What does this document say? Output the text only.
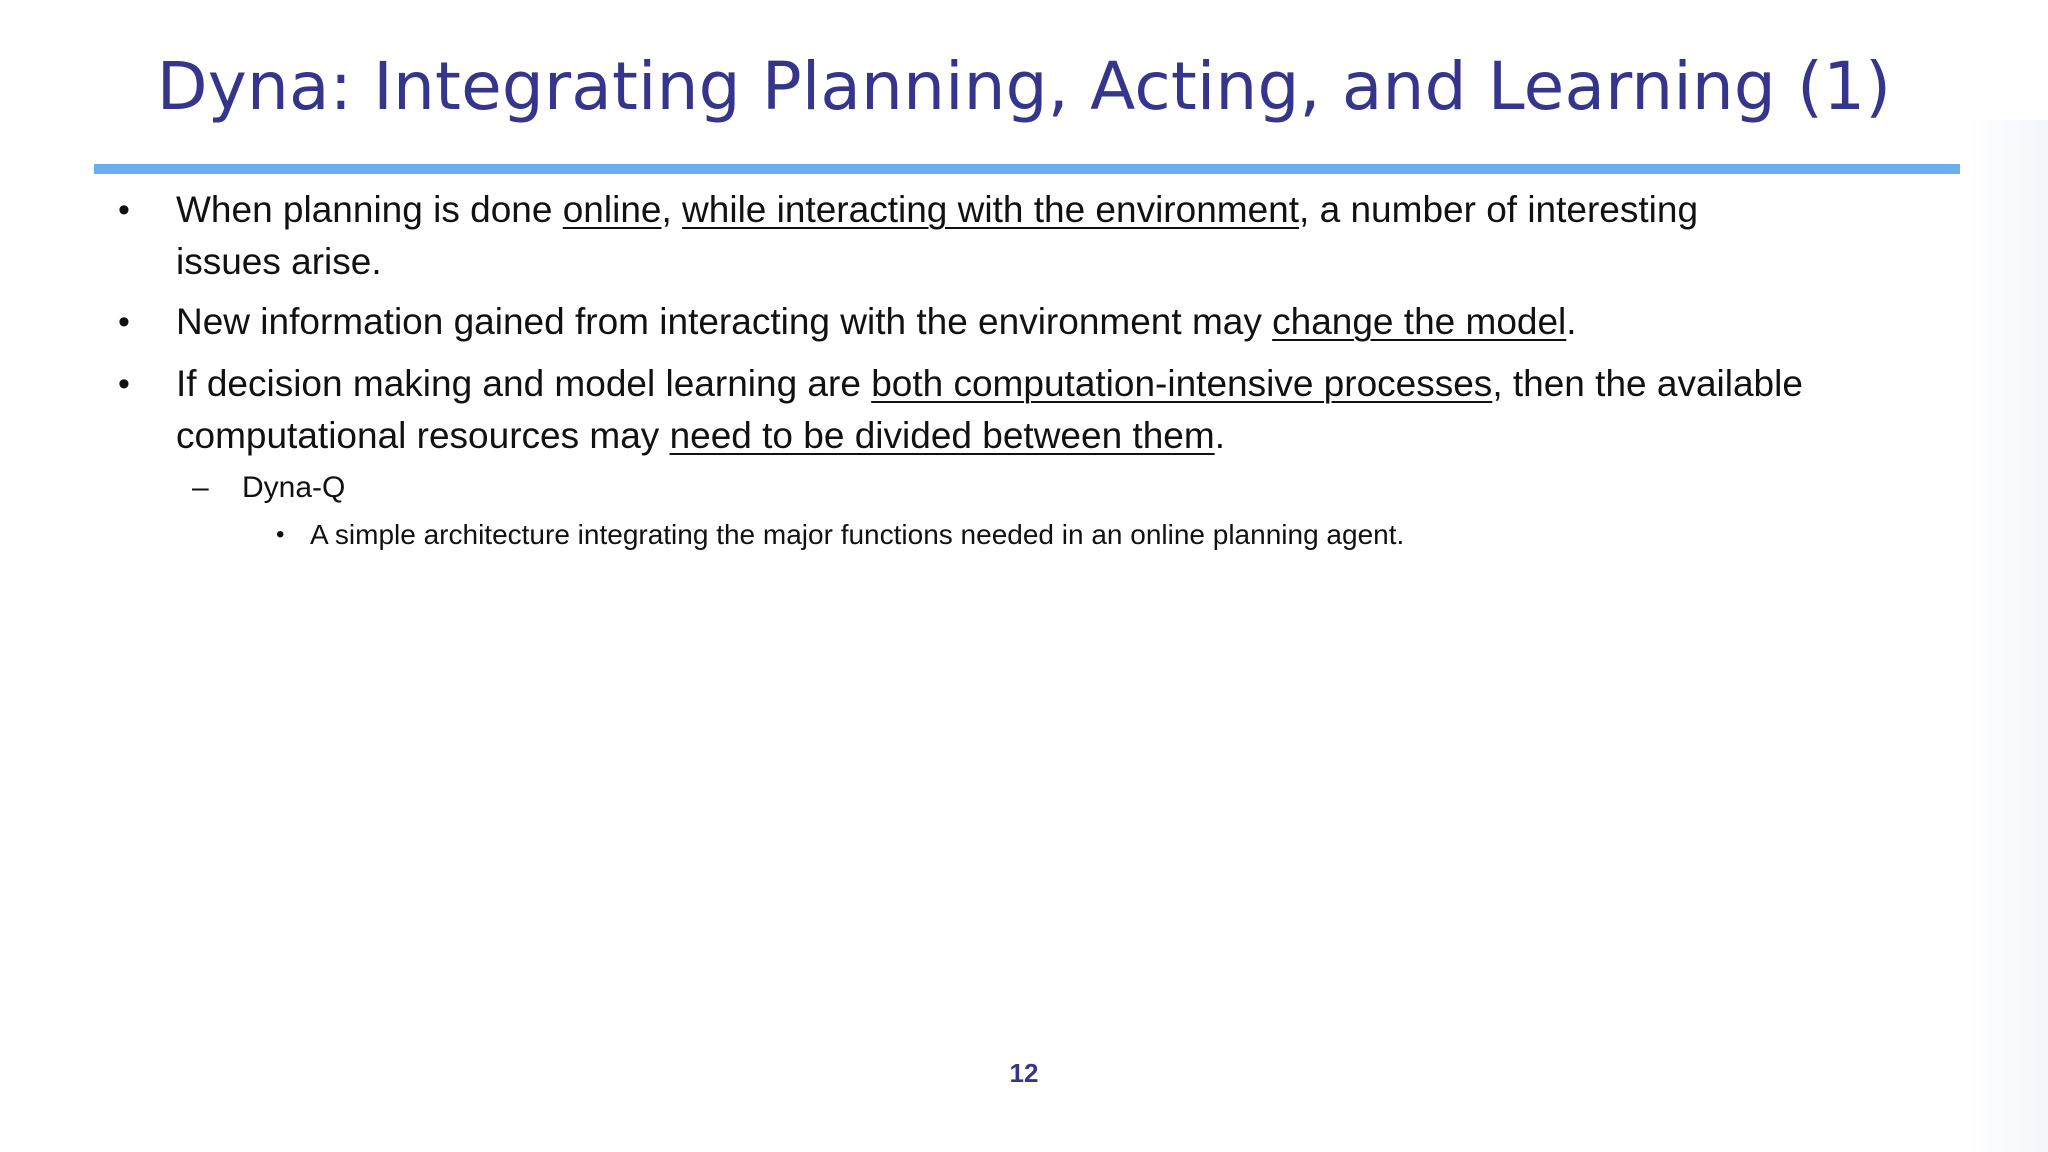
Dyna: Integrating Planning, Acting, and Learning (1)
• When planning is done online, while interacting with the environment, a number of interesting
issues arise.
• New information gained from interacting with the environment may change the model.
• If decision making and model learning are both computation-intensive processes, then the available
computational resources may need to be divided between them.
– Dyna-Q
• A simple architecture integrating the major functions needed in an online planning agent.
12
